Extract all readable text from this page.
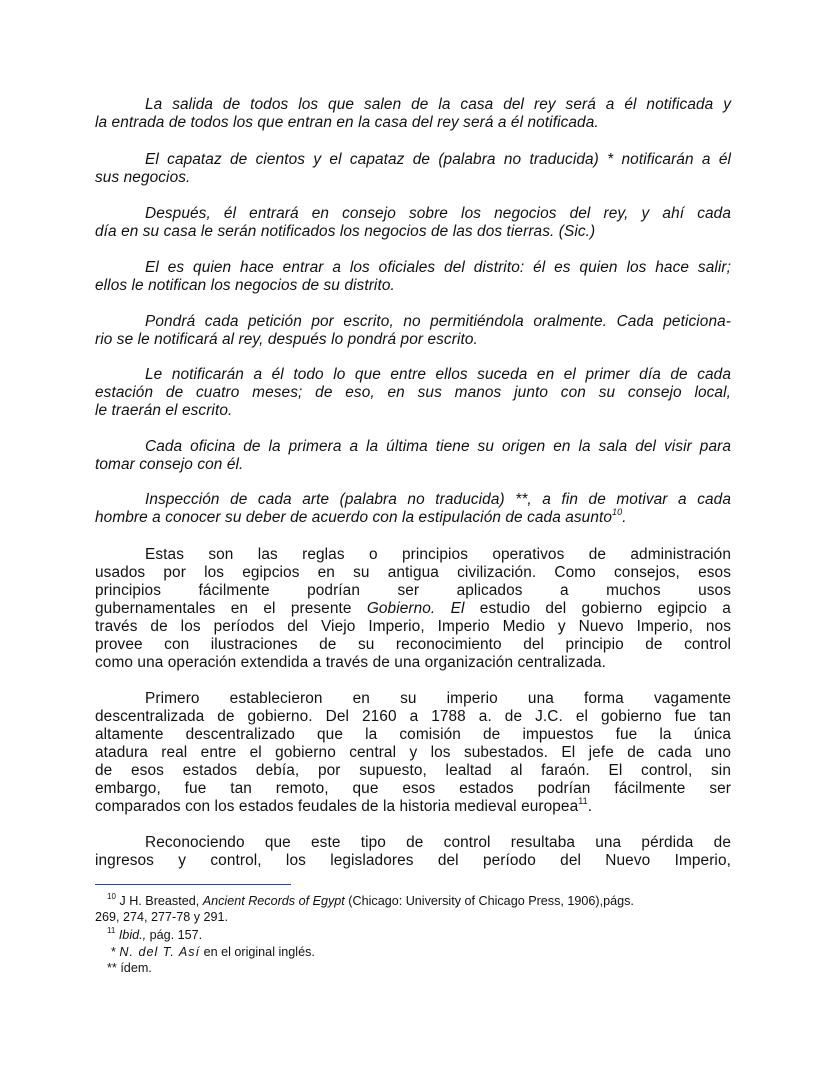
La salida de todos los que salen de la casa del rey será a él notificada y
la entrada de todos los que entran en la casa del rey será a él notificada.

El capataz de cientos y el capataz de (palabra no traducida) * notificarán a él
sus negocios.

Después, él entrará en consejo sobre los negocios del rey, y ahí cada
día en su casa le serán notificados los negocios de las dos tierras. (Sic.)

El es quien hace entrar a los oficiales del distrito: él es quien los hace salir;
ellos le notifican los negocios de su distrito.

Pondrá cada petición por escrito, no permitiéndola oralmente. Cada peticiona-
rio se le notificará al rey, después lo pondrá por escrito.

Le notificarán a él todo lo que entre ellos suceda en el primer día de cada
estación de cuatro meses; de eso, en sus manos junto con su consejo local,
le traerán el escrito.

Cada oficina de la primera a la última tiene su origen en la sala del visir para
tomar consejo con él.

Inspección de cada arte (palabra no traducida) **, a fin de motivar a cada
hombre a conocer su deber de acuerdo con la estipulación de cada asunto$^{10}$.

Estas son las reglas o principios operativos de administración
usados por los egipcios en su antigua civilización. Como consejos, esos
principios fácilmente podrían ser aplicados a muchos usos
gubernamentales en el presente Gobierno. El estudio del gobierno egipcio a
través de los períodos del Viejo Imperio, Imperio Medio y Nuevo Imperio, nos
provee con ilustraciones de su reconocimiento del principio de control
como una operación extendida a través de una organización centralizada.

Primero establecieron en su imperio una forma vagamente
descentralizada de gobierno. Del 2160 a 1788 a. de J.C. el gobierno fue tan
altamente descentralizado que la comisión de impuestos fue la única
atadura real entre el gobierno central y los subestados. El jefe de cada uno
de esos estados debía, por supuesto, lealtad al faraón. El control, sin
embargo, fue tan remoto, que esos estados podrían fácilmente ser
comparados con los estados feudales de la historia medieval europea$^{11}$.

Reconociendo que este tipo de control resultaba una pérdida de
ingresos y control, los legisladores del período del Nuevo Imperio,

$^{10}$ J H. Breasted, Ancient Records of Egypt (Chicago: University of Chicago Press, 1906),págs.
269, 274, 277-78 y 291.

$^{11}$ Ibid., pág. 157.

* N. del T. Así en el original inglés.

** ídem.
